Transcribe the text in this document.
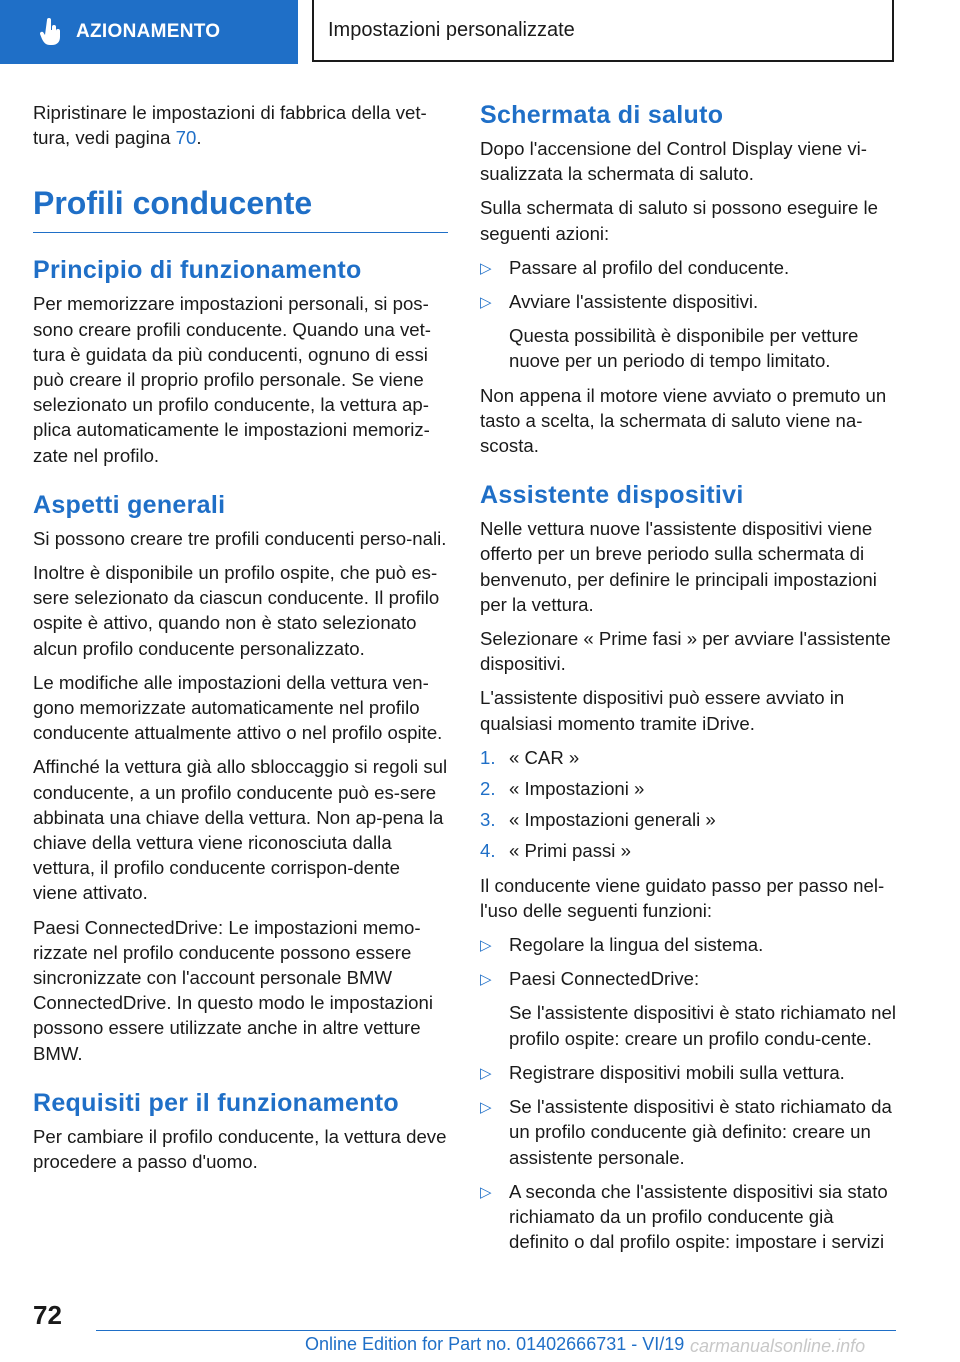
AZIONAMENTO	Impostazioni personalizzate

Ripristinare le impostazioni di fabbrica della vet-tura, vedi pagina 70.

Profili conducente
Principio di funzionamento

Per memorizzare impostazioni personali, si pos-sono creare profili conducente. Quando una vet-tura è guidata da più conducenti, ognuno di essi può creare il proprio profilo personale. Se viene selezionato un profilo conducente, la vettura ap-plica automaticamente le impostazioni memoriz-zate nel profilo.

Aspetti generali

Si possono creare tre profili conducenti perso-nali.

Inoltre è disponibile un profilo ospite, che può es-sere selezionato da ciascun conducente. Il profilo ospite è attivo, quando non è stato selezionato alcun profilo conducente personalizzato.

Le modifiche alle impostazioni della vettura ven-gono memorizzate automaticamente nel profilo conducente attualmente attivo o nel profilo ospite.

Affinché la vettura già allo sbloccaggio si regoli sul conducente, a un profilo conducente può es-sere abbinata una chiave della vettura. Non ap-pena la chiave della vettura viene riconosciuta dalla vettura, il profilo conducente corrispon-dente viene attivato.

Paesi ConnectedDrive: Le impostazioni memo-rizzate nel profilo conducente possono essere sincronizzate con l'account personale BMW ConnectedDrive. In questo modo le impostazioni possono essere utilizzate anche in altre vetture BMW.

Requisiti per il funzionamento

Per cambiare il profilo conducente, la vettura deve procedere a passo d'uomo.

Schermata di saluto

Dopo l'accensione del Control Display viene vi-sualizzata la schermata di saluto.

Sulla schermata di saluto si possono eseguire le seguenti azioni:

▷ Passare al profilo del conducente.
▷ Avviare l'assistente dispositivi.
Questa possibilità è disponibile per vetture nuove per un periodo di tempo limitato.

Non appena il motore viene avviato o premuto un tasto a scelta, la schermata di saluto viene na-scosta.

Assistente dispositivi

Nelle vettura nuove l'assistente dispositivi viene offerto per un breve periodo sulla schermata di benvenuto, per definire le principali impostazioni per la vettura.

Selezionare « Prime fasi » per avviare l'assistente dispositivi.

L'assistente dispositivi può essere avviato in qualsiasi momento tramite iDrive.

1. « CAR »
2. « Impostazioni »
3. « Impostazioni generali »
4. « Primi passi »

Il conducente viene guidato passo per passo nel-l'uso delle seguenti funzioni:

▷ Regolare la lingua del sistema.
▷ Paesi ConnectedDrive:
Se l'assistente dispositivi è stato richiamato nel profilo ospite: creare un profilo condu-cente.
▷ Registrare dispositivi mobili sulla vettura.
▷ Se l'assistente dispositivi è stato richiamato da un profilo conducente già definito: creare un assistente personale.
▷ A seconda che l'assistente dispositivi sia stato richiamato da un profilo conducente già definito o dal profilo ospite: impostare i servizi
72
Online Edition for Part no. 01402666731 - VI/19 carmanualsonline.info
